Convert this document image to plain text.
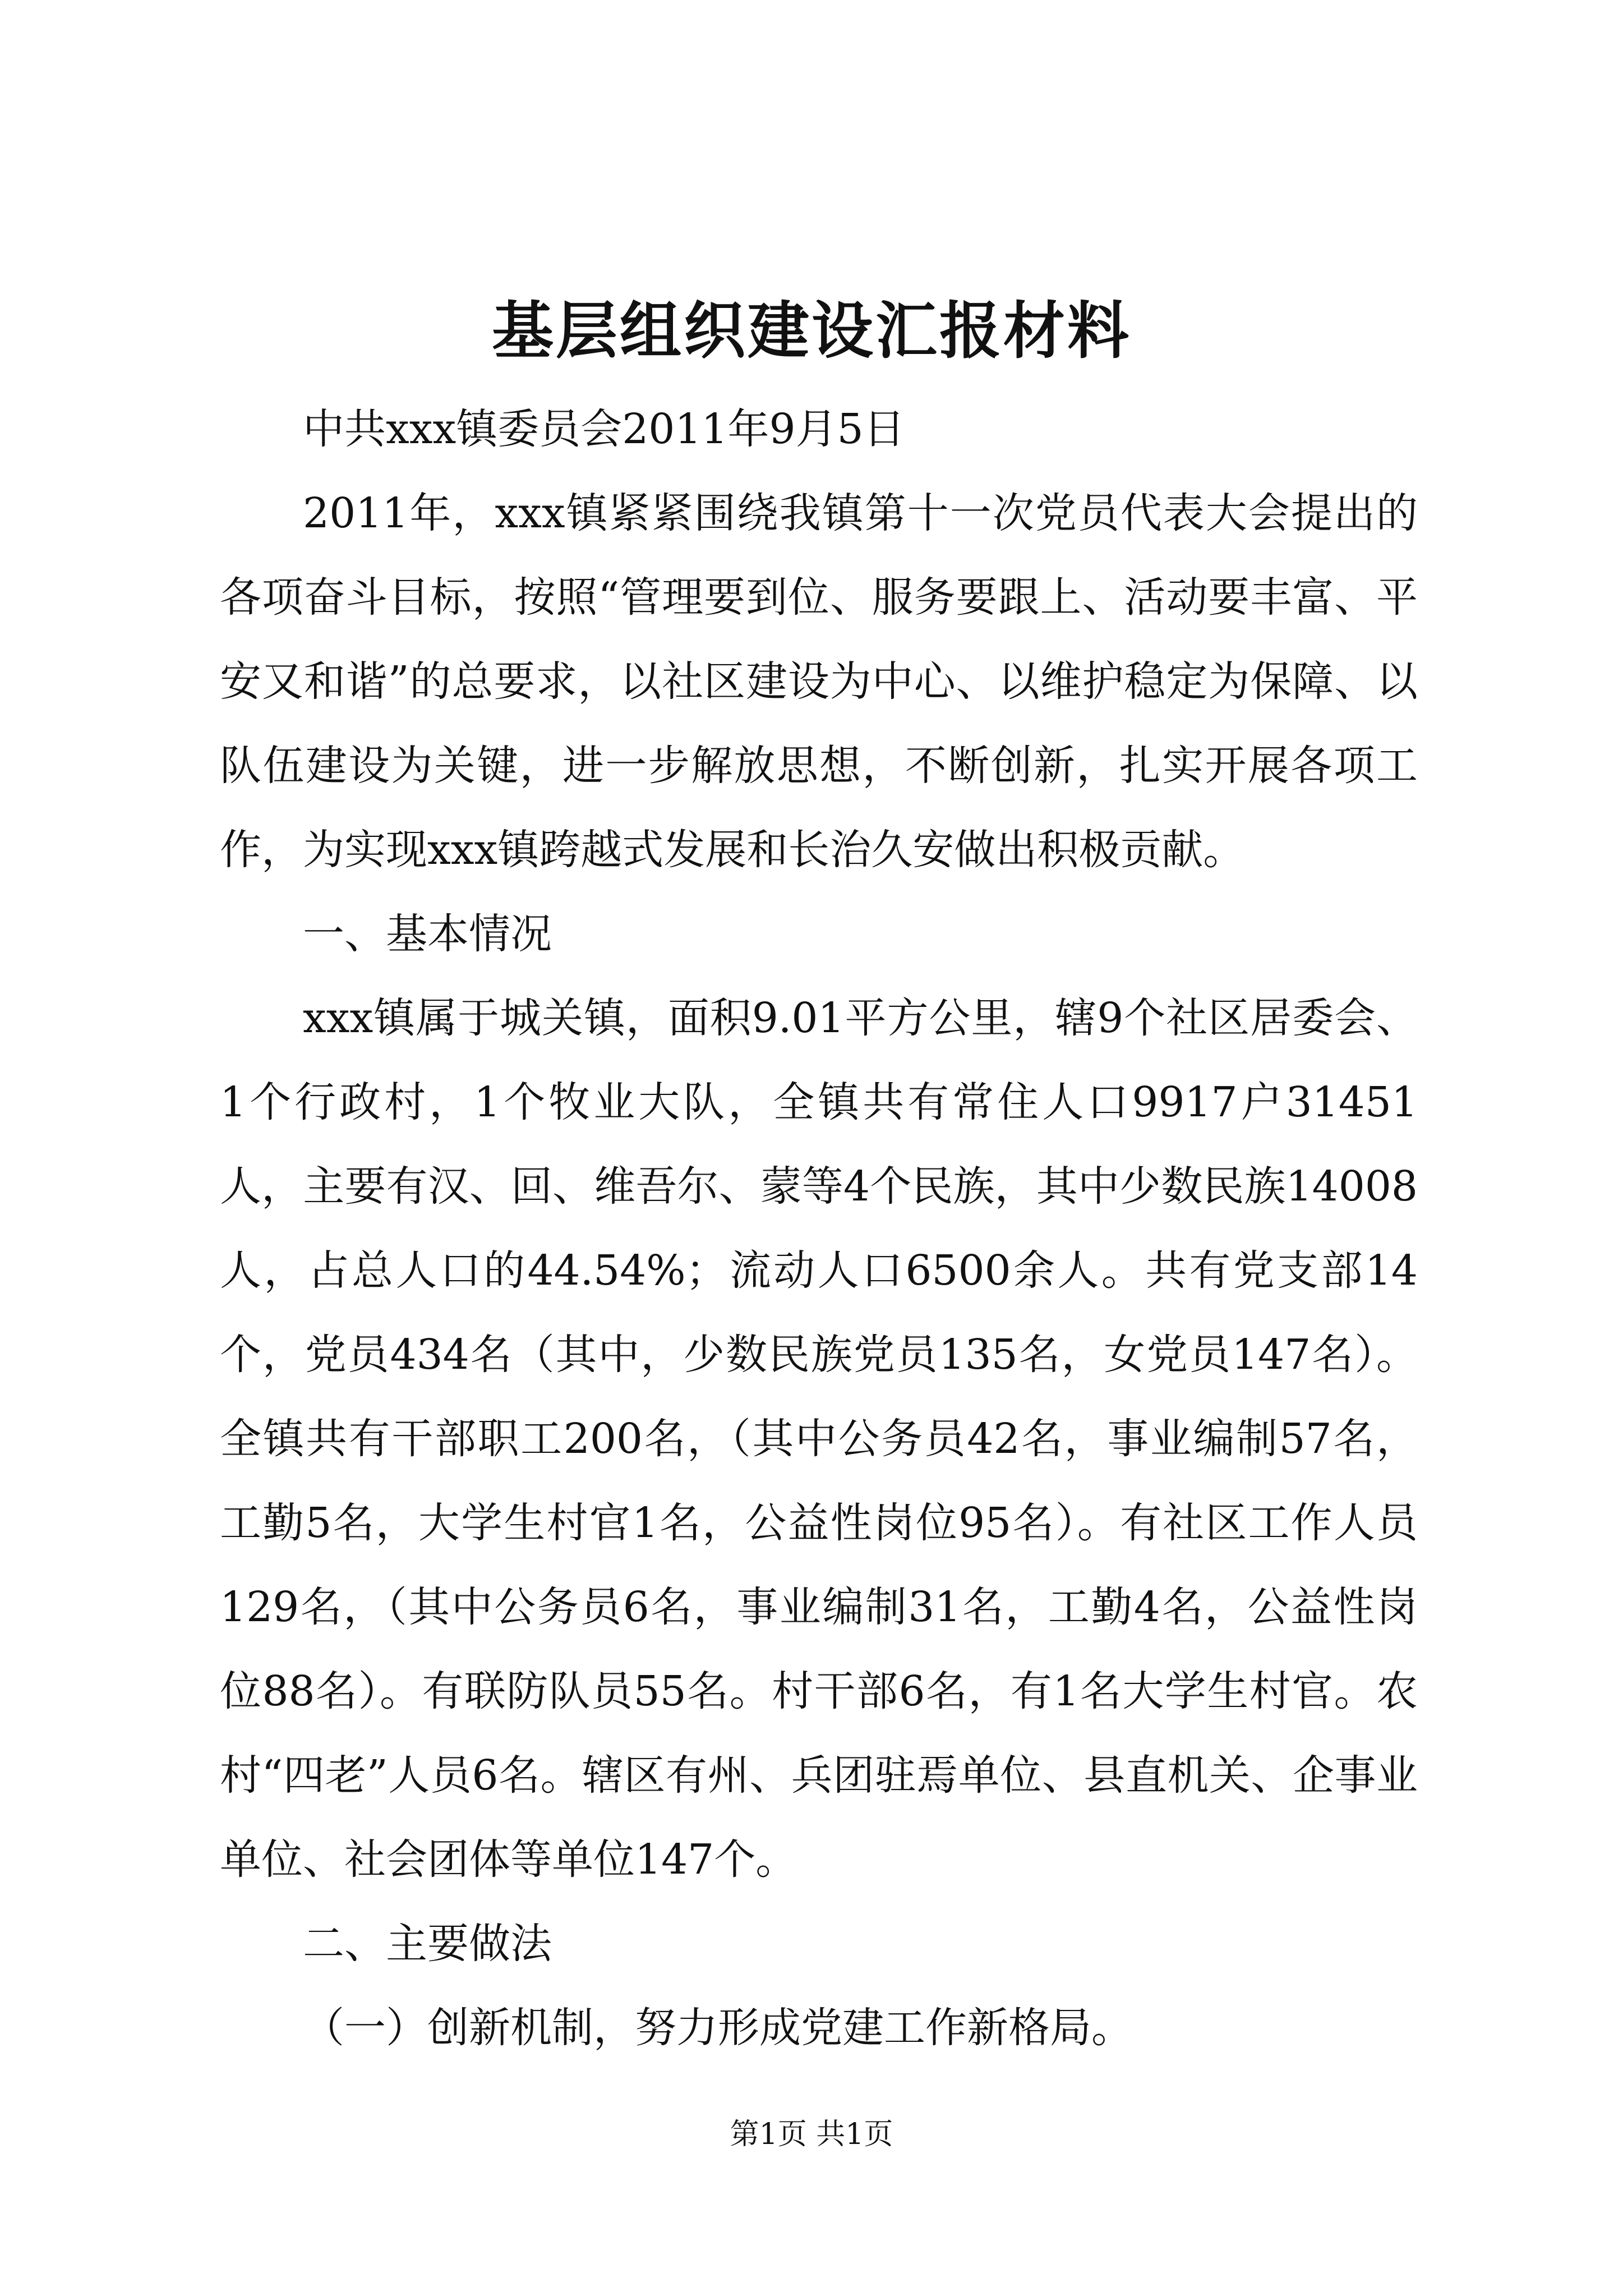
基层组织建设汇报材料

中共xxx镇委员会2011年9月5日

2011年，xxx镇紧紧围绕我镇第十一次党员代表大会提出的各项奋斗目标，按照“管理要到位、服务要跟上、活动要丰富、平安又和谐”的总要求，以社区建设为中心、以维护稳定为保障、以队伍建设为关键，进一步解放思想，不断创新，扎实开展各项工作，为实现xxx镇跨越式发展和长治久安做出积极贡献。

一、基本情况

xxx镇属于城关镇，面积9.01平方公里，辖9个社区居委会、1个行政村，1个牧业大队，全镇共有常住人口9917户31451人，主要有汉、回、维吾尔、蒙等4个民族，其中少数民族14008人，占总人口的44.54%；流动人口6500余人。共有党支部14个，党员434名（其中，少数民族党员135名，女党员147名）。全镇共有干部职工200名，（其中公务员42名，事业编制57名，工勤5名，大学生村官1名，公益性岗位95名）。有社区工作人员129名，（其中公务员6名，事业编制31名，工勤4名，公益性岗位88名）。有联防队员55名。村干部6名，有1名大学生村官。农村“四老”人员6名。辖区有州、兵团驻焉单位、县直机关、企事业单位、社会团体等单位147个。

二、主要做法

（一）创新机制，努力形成党建工作新格局。

第1页 共1页
